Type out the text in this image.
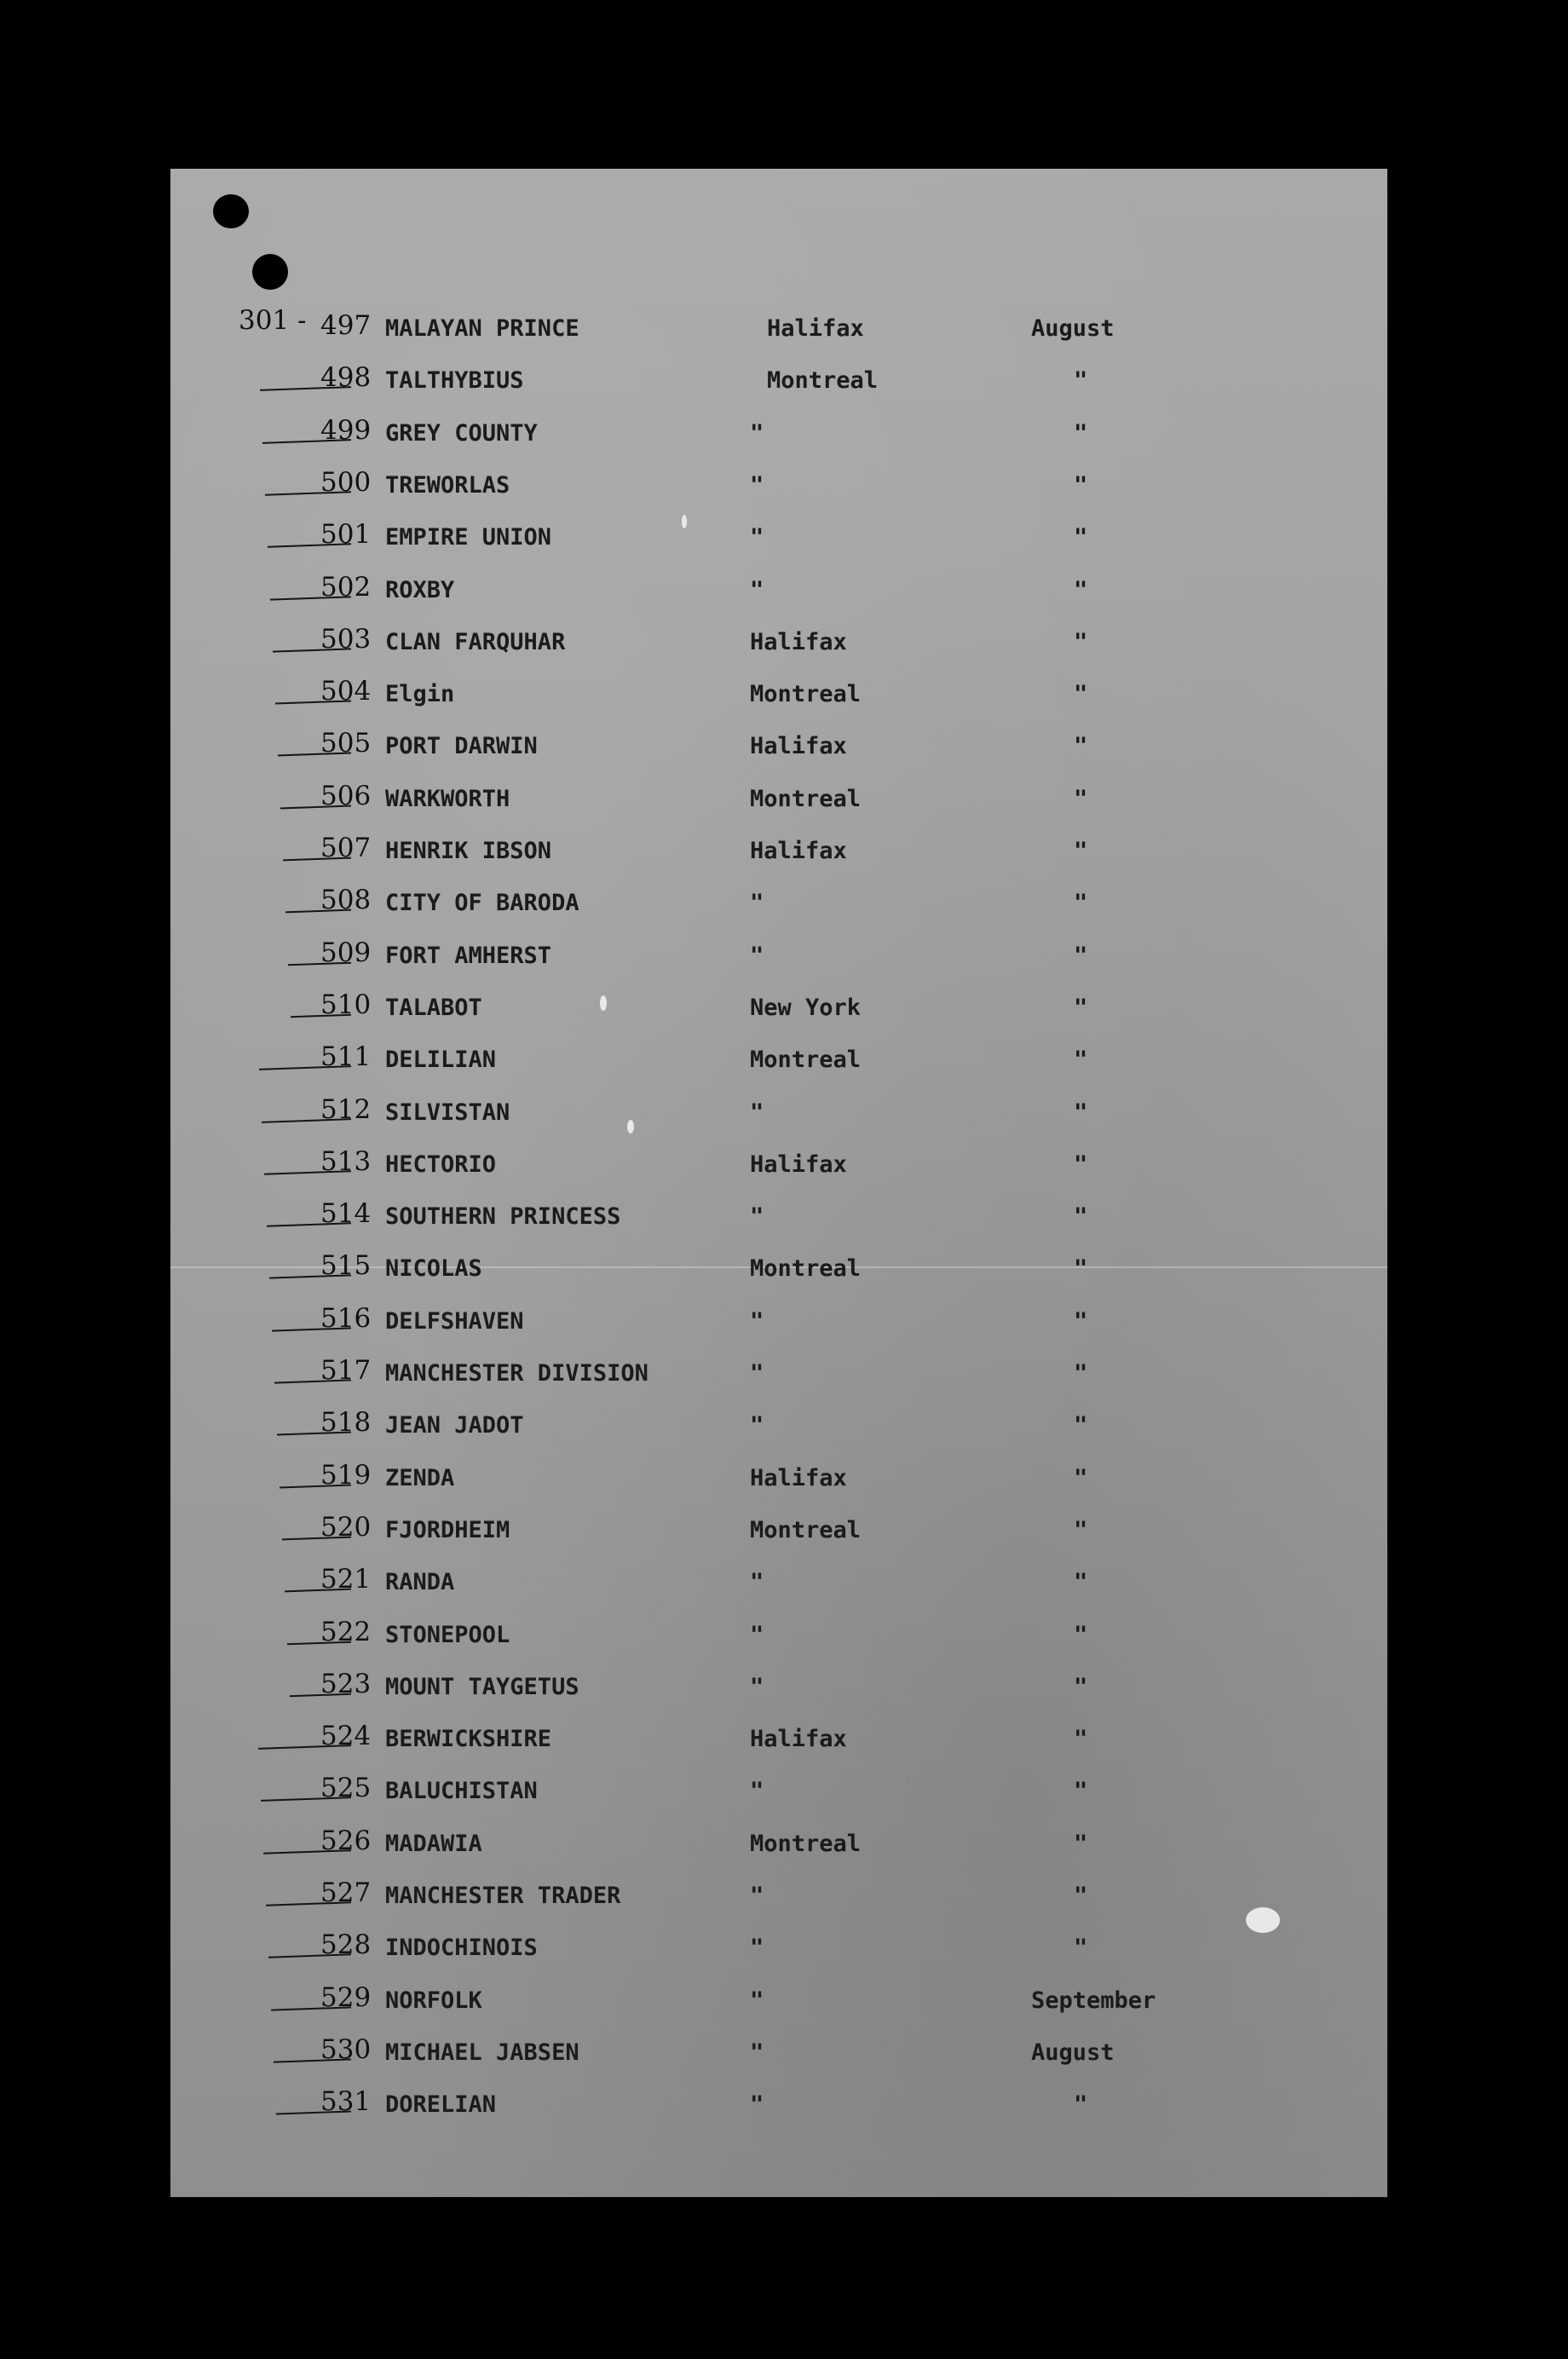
301 - 497 MALAYAN PRINCE	Halifax	August
498 TALTHYBIUS	Montreal	"
499 GREY COUNTY	"	"
500 TREWORLAS	"	"
501 EMPIRE UNION	"	"
502 ROXBY	"	"
503 CLAN FARQUHAR	Halifax	"
504 Elgin	Montreal	"
505 PORT DARWIN	Halifax	"
506 WARKWORTH	Montreal	"
507 HENRIK IBSON	Halifax	"
508 CITY OF BARODA	"	"
509 FORT AMHERST	"	"
510 TALABOT	New York	"
511 DELILIAN	Montreal	"
512 SILVISTAN	"	"
513 HECTORIO	Halifax	"
514 SOUTHERN PRINCESS	"	"
515 NICOLAS	Montreal	"
516 DELFSHAVEN	"	"
517 MANCHESTER DIVISION	"	"
518 JEAN JADOT	"	"
519 ZENDA	Halifax	"
520 FJORDHEIM	Montreal	"
521 RANDA	"	"
522 STONEPOOL	"	"
523 MOUNT TAYGETUS	"	"
524 BERWICKSHIRE	Halifax	"
525 BALUCHISTAN	"	"
526 MADAWIA	Montreal	"
527 MANCHESTER TRADER	"	"
528 INDOCHINOIS	"	"
529 NORFOLK	"	September
530 MICHAEL JABSEN	"	August
531 DORELIAN	"	"
